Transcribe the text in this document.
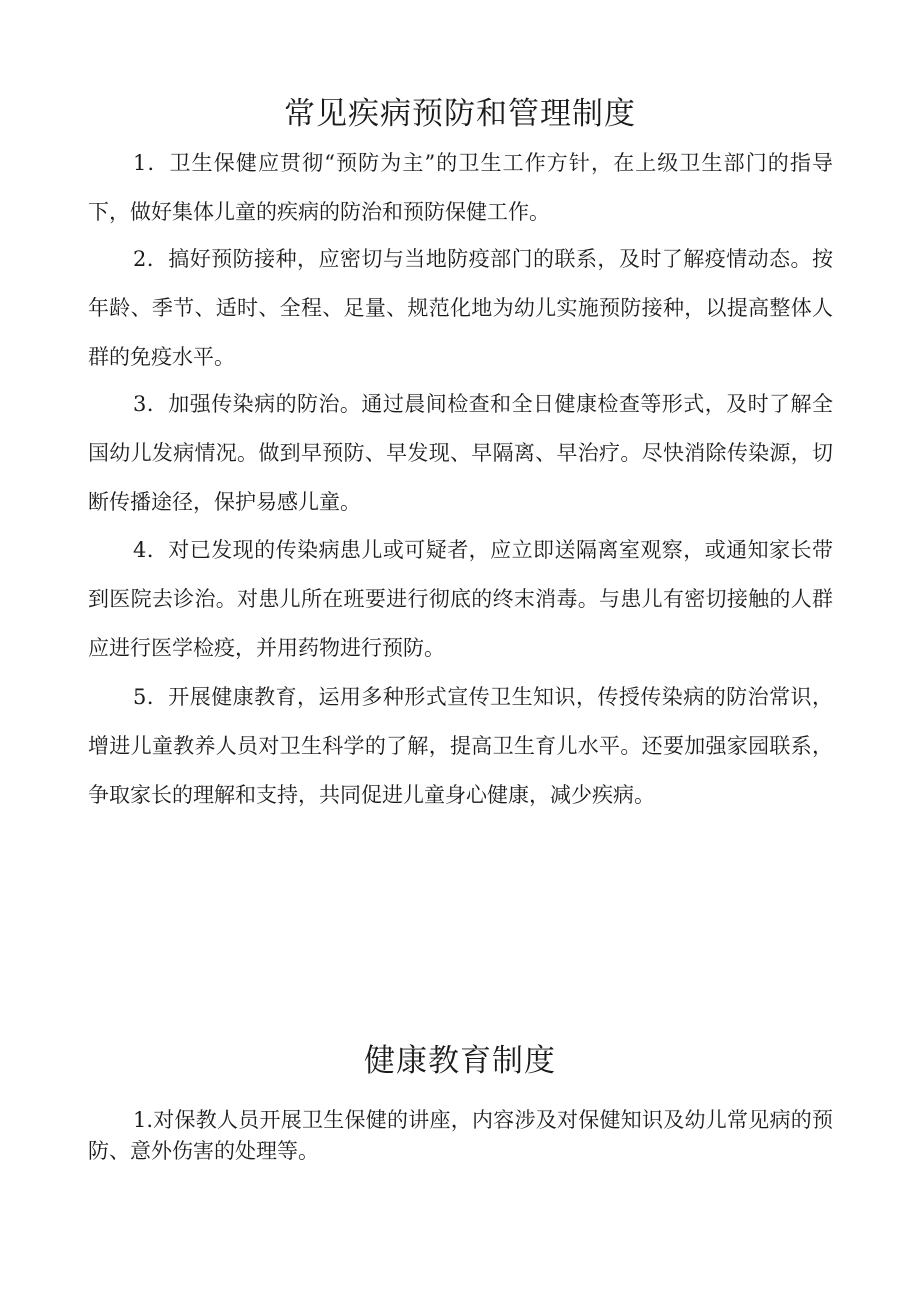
常见疾病预防和管理制度

1．卫生保健应贯彻“预防为主”的卫生工作方针，在上级卫生部门的指导下，做好集体儿童的疾病的防治和预防保健工作。

2．搞好预防接种，应密切与当地防疫部门的联系，及时了解疫情动态。按年龄、季节、适时、全程、足量、规范化地为幼儿实施预防接种，以提高整体人群的免疫水平。

3．加强传染病的防治。通过晨间检查和全日健康检查等形式，及时了解全国幼儿发病情况。做到早预防、早发现、早隔离、早治疗。尽快消除传染源，切断传播途径，保护易感儿童。

4．对已发现的传染病患儿或可疑者，应立即送隔离室观察，或通知家长带到医院去诊治。对患儿所在班要进行彻底的终末消毒。与患儿有密切接触的人群应进行医学检疫，并用药物进行预防。

5．开展健康教育，运用多种形式宣传卫生知识，传授传染病的防治常识，增进儿童教养人员对卫生科学的了解，提高卫生育儿水平。还要加强家园联系，争取家长的理解和支持，共同促进儿童身心健康，减少疾病。

健康教育制度

1.对保教人员开展卫生保健的讲座，内容涉及对保健知识及幼儿常见病的预防、意外伤害的处理等。
